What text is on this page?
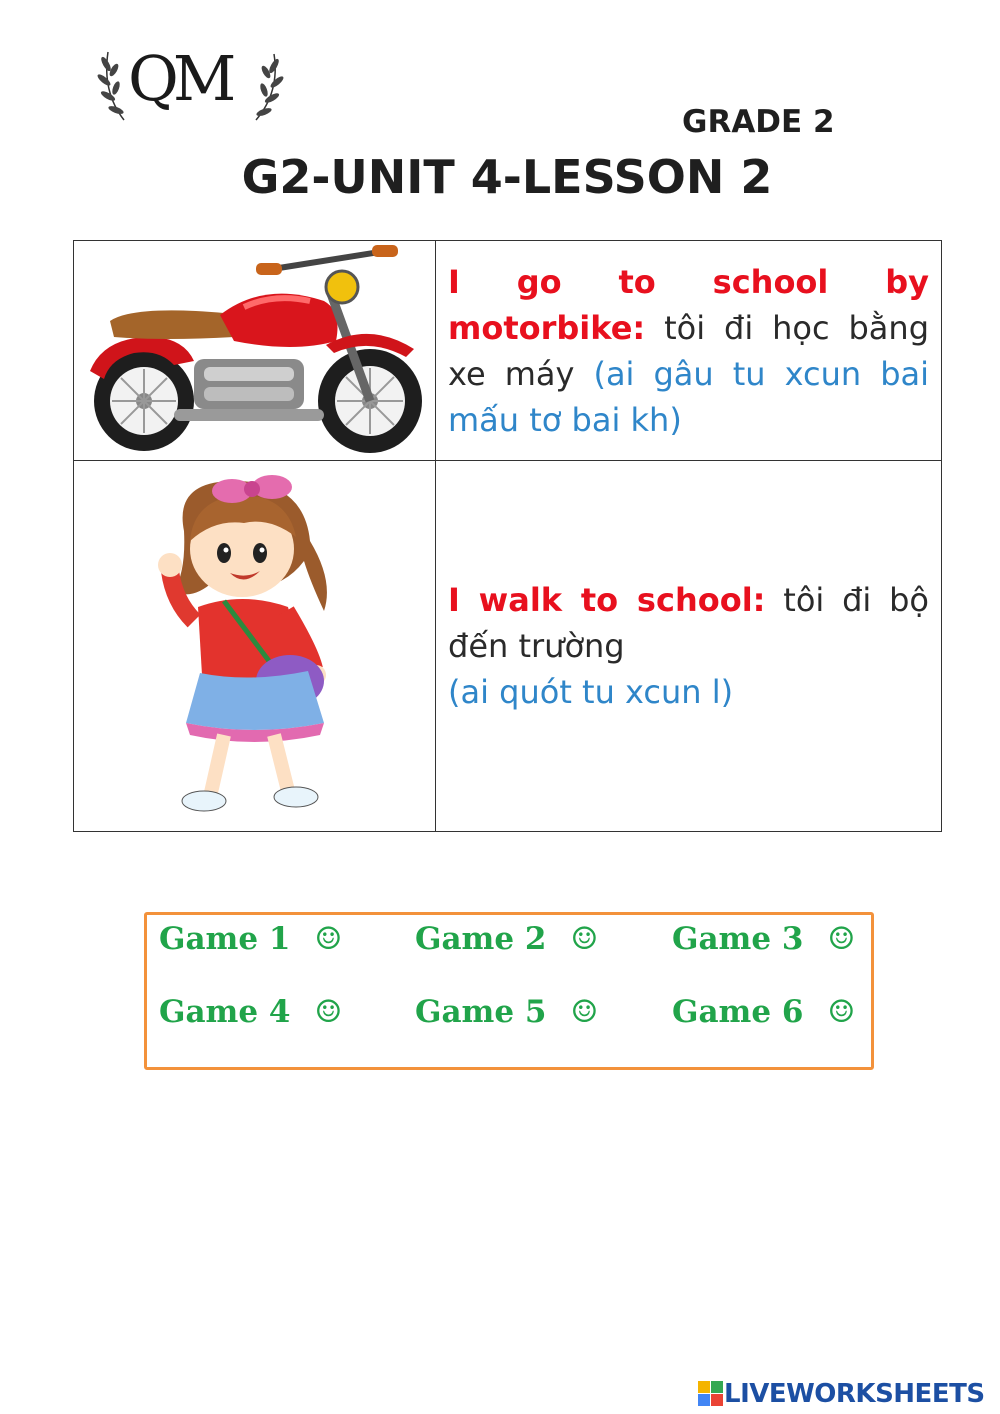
QM
GRADE 2
G2-UNIT 4-LESSON 2
	I go to school by motorbike: tôi đi học bằng xe máy (ai gâu tu xcun bai mấu tơ bai kh)
	I walk to school: tôi đi bộ đến trường
(ai quót tu xcun l)
Game 1 ☺ Game 2 ☺ Game 3 ☺
Game 4 ☺ Game 5 ☺ Game 6 ☺
LIVEWORKSHEETS
